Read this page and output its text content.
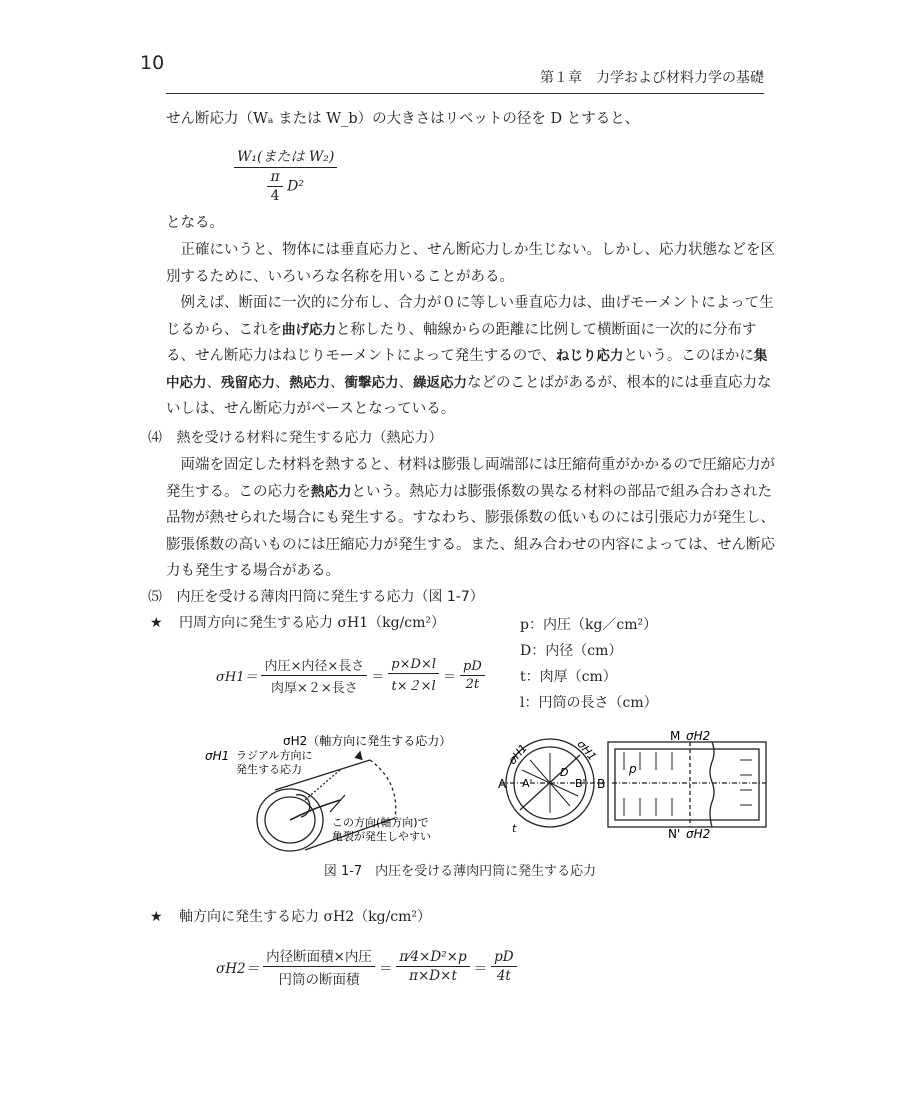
10
第１章　力学および材料力学の基礎
せん断応力（Wₐ または W_b）の大きさはリベットの径を D とすると、
$\frac{\text{W₁(または W₂)}}{\frac{\pi}{4} D^2}$
となる。
正確にいうと、物体には垂直応力と、せん断応力しか生じない。しかし、応力状態などを区別するために、いろいろな名称を用いることがある。
例えば、断面に一次的に分布し、合力が０に等しい垂直応力は、曲げモーメントによって生じるから、これを曲げ応力と称したり、軸線からの距離に比例して横断面に一次的に分布する、せん断応力はねじりモーメントによって発生するので、ねじり応力という。このほかに集中応力、残留応力、熱応力、衝撃応力、繰返応力などのことばがあるが、根本的には垂直応力ないしは、せん断応力がベースとなっている。
⑷ 熱を受ける材料に発生する応力（熱応力）
両端を固定した材料を熱すると、材料は膨張し両端部には圧縮荷重がかかるので圧縮応力が発生する。この応力を熱応力という。熱応力は膨張係数の異なる材料の部品で組み合わされた品物が熱せられた場合にも発生する。すなわち、膨張係数の低いものには引張応力が発生し、膨張係数の高いものには圧縮応力が発生する。また、組み合わせの内容によっては、せん断応力も発生する場合がある。
⑸ 内圧を受ける薄肉円筒に発生する応力（図 1-7）
★ 円周方向に発生する応力 σH1（kg/cm²）
$\sigma H1= \frac{\text{内圧×内径×長さ}}{\text{肉厚×２×長さ}} = \frac{p\times D\times l}{t\times 2\times l} = \frac{pD}{2t}$
p：内圧（kg／cm²）
D：内径（cm）
t：肉厚（cm）
l：円筒の長さ（cm）
σH2（軸方向に発生する応力）
σH1 ラジアル方向に
発生する応力
この方向(軸方向)で
亀裂が発生しやすい
A A'	B' B
D
t
σH1	σH1
M σH2
N' σH2
p
図 1-7　内圧を受ける薄肉円筒に発生する応力
★ 軸方向に発生する応力 σH2（kg/cm²）
$\sigma H2= \frac{\text{内径断面積×内圧}}{\text{円筒の断面積}} = \frac{\text{π⁄4×D²×p}}{\pi\times D\times t} = \frac{pD}{4t}$
